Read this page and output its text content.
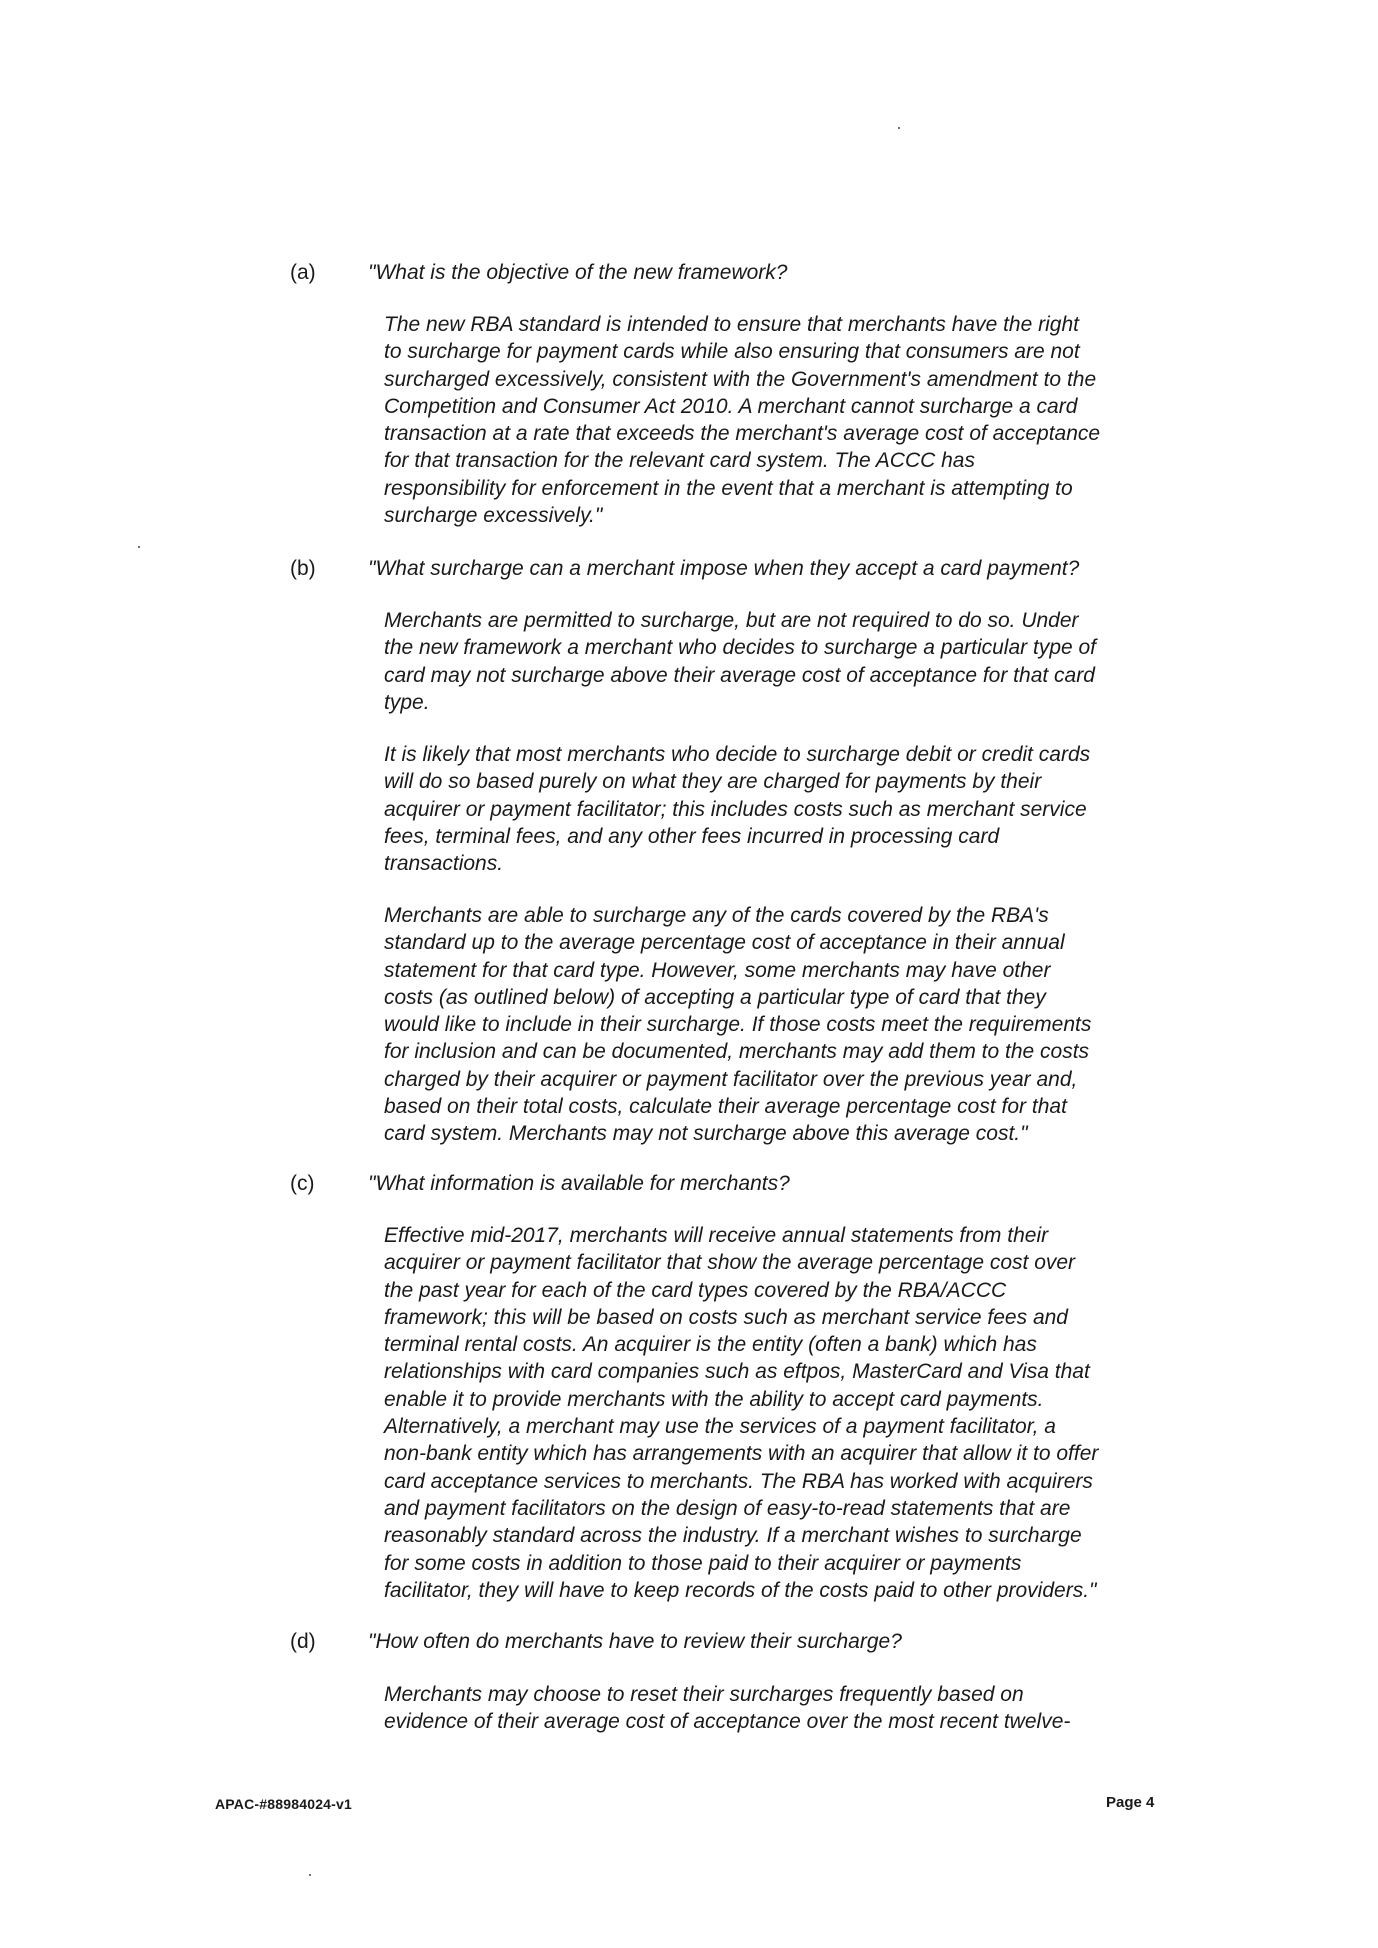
(a) "What is the objective of the new framework?

The new RBA standard is intended to ensure that merchants have the right
to surcharge for payment cards while also ensuring that consumers are not
surcharged excessively, consistent with the Government's amendment to the
Competition and Consumer Act 2010. A merchant cannot surcharge a card
transaction at a rate that exceeds the merchant's average cost of acceptance
for that transaction for the relevant card system. The ACCC has
responsibility for enforcement in the event that a merchant is attempting to
surcharge excessively."

(b) "What surcharge can a merchant impose when they accept a card payment?

Merchants are permitted to surcharge, but are not required to do so. Under
the new framework a merchant who decides to surcharge a particular type of
card may not surcharge above their average cost of acceptance for that card
type.

It is likely that most merchants who decide to surcharge debit or credit cards
will do so based purely on what they are charged for payments by their
acquirer or payment facilitator; this includes costs such as merchant service
fees, terminal fees, and any other fees incurred in processing card
transactions.

Merchants are able to surcharge any of the cards covered by the RBA's
standard up to the average percentage cost of acceptance in their annual
statement for that card type. However, some merchants may have other
costs (as outlined below) of accepting a particular type of card that they
would like to include in their surcharge. If those costs meet the requirements
for inclusion and can be documented, merchants may add them to the costs
charged by their acquirer or payment facilitator over the previous year and,
based on their total costs, calculate their average percentage cost for that
card system. Merchants may not surcharge above this average cost."

(c)	"What information is available for merchants?

Effective mid-2017, merchants will receive annual statements from their
acquirer or payment facilitator that show the average percentage cost over
the past year for each of the card types covered by the RBA/ACCC
framework; this will be based on costs such as merchant service fees and
terminal rental costs. An acquirer is the entity (often a bank) which has
relationships with card companies such as eftpos, MasterCard and Visa that
enable it to provide merchants with the ability to accept card payments.
Alternatively, a merchant may use the services of a payment facilitator, a
non-bank entity which has arrangements with an acquirer that allow it to offer
card acceptance services to merchants. The RBA has worked with acquirers
and payment facilitators on the design of easy-to-read statements that are
reasonably standard across the industry. If a merchant wishes to surcharge
for some costs in addition to those paid to their acquirer or payments
facilitator, they will have to keep records of the costs paid to other providers."

(d) "How often do merchants have to review their surcharge?

Merchants may choose to reset their surcharges frequently based on
evidence of their average cost of acceptance over the most recent twelve-

APAC-#88984024-v1	Page 4
